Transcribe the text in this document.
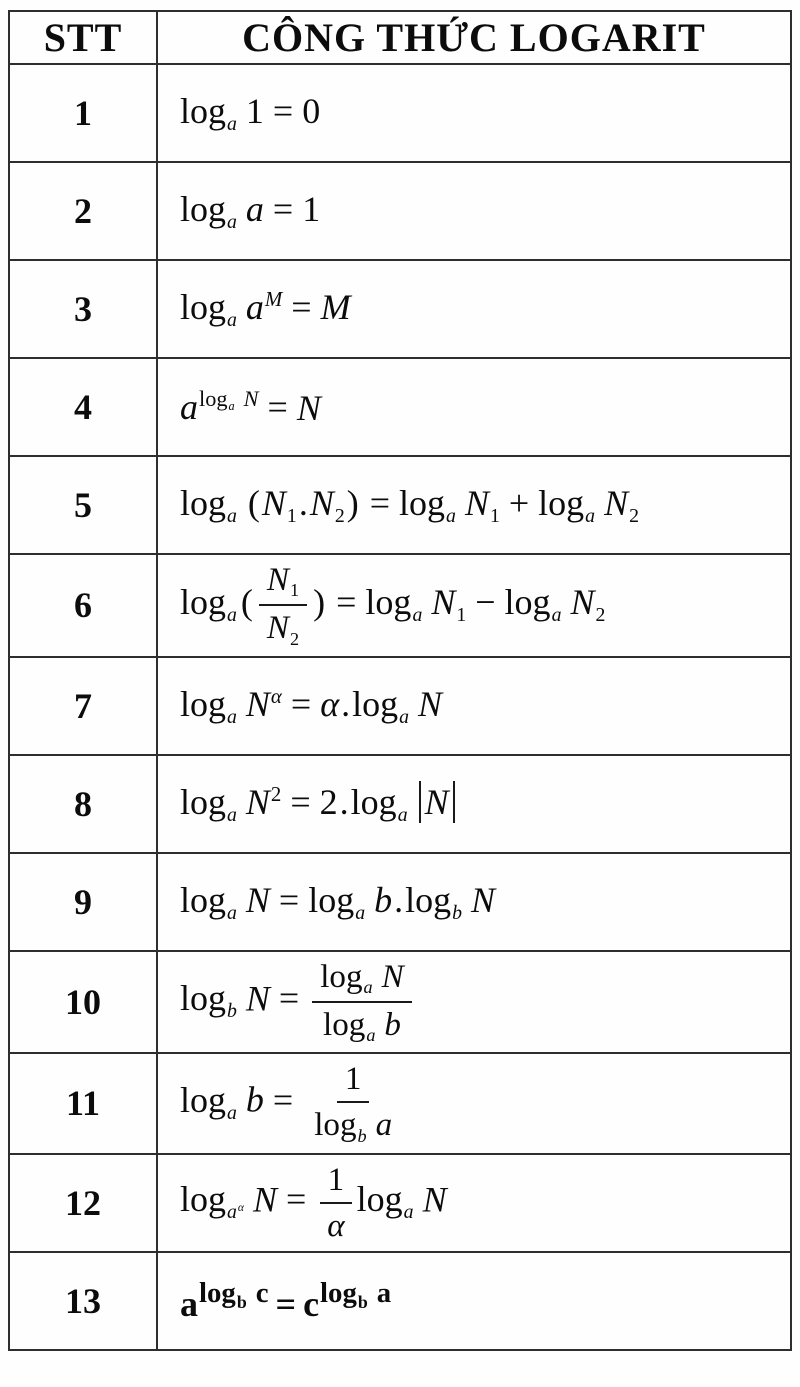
STT	CÔNG THỨC LOGARIT
1	loga 1 = 0
2	loga a = 1
3	loga $a^M = M$
4	$a^{loga N} = N$
5	loga (N1.N2) = loga N1 + loga N2
6	loga ( $\frac{N1}{N2}$ ) = loga N1 − loga N2
7	loga $N^\alpha = \alpha.\log a$ N
8	loga $N^2 = 2.\log a$ N
9	loga N = loga b.logb N
10	logb $N = \frac{\text{loga N}}{\text{loga b}}$

11	loga $b = \frac{1}{\text{logb a}}$

12	loga$^\alpha$ $N = \frac{1}{\alpha}$ loga N
13	$a^{log_b c} = c^{log_b a}$
